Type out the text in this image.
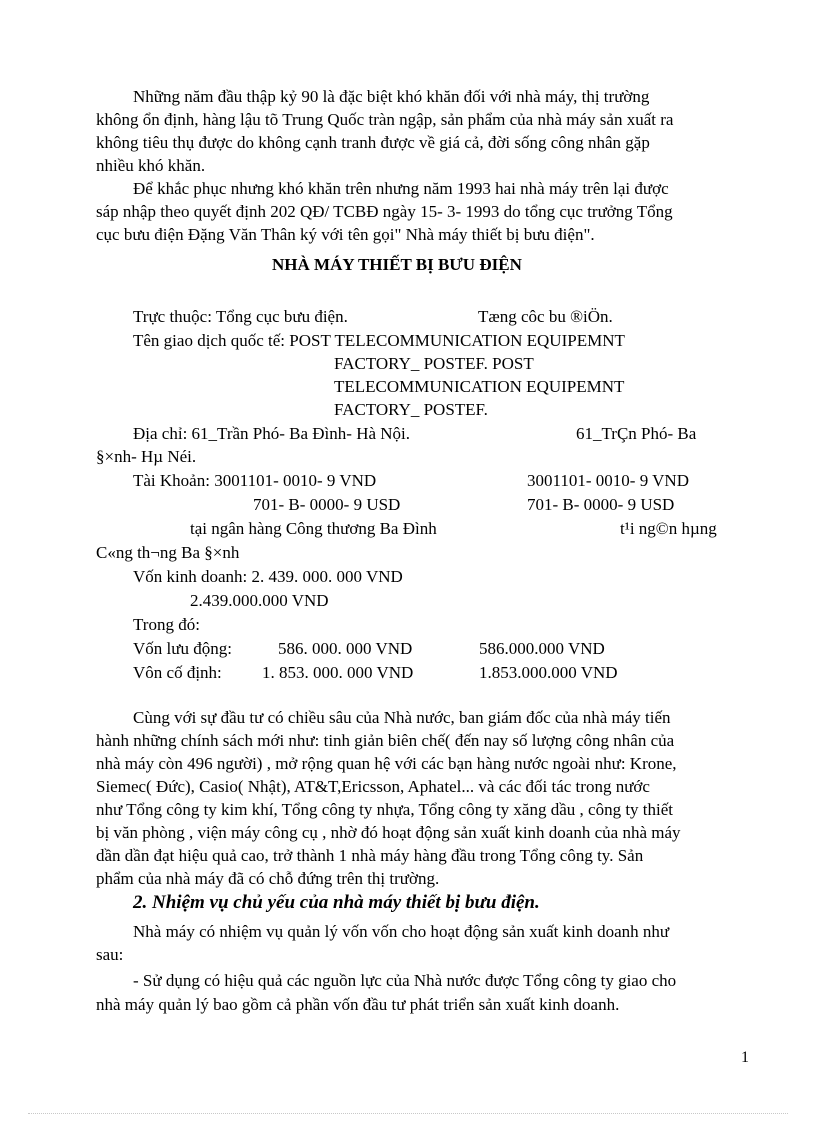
Những năm đầu thập kỷ 90 là đặc biệt khó khăn đối với nhà máy, thị trường
không ổn định, hàng lậu tõ Trung Quốc tràn ngập, sản phẩm của nhà máy sản xuất ra
không tiêu thụ được do không cạnh tranh được về giá cả, đời sống công nhân gặp
nhiều khó khăn.
Để khắc phục nhưng khó khăn trên nhưng năm 1993 hai nhà máy trên lại được
sáp nhập theo quyết định 202 QĐ/ TCBĐ ngày 15- 3- 1993 do tổng cục trưởng Tổng
cục bưu điện Đặng Văn Thân ký với tên gọi" Nhà máy thiết bị bưu điện".
NHÀ MÁY THIẾT BỊ BƯU ĐIỆN
Trực thuộc: Tổng cục bưu điện.	Tæng côc bu ®iÖn.
Tên giao dịch quốc tế: POST TELECOMMUNICATION EQUIPEMNT
FACTORY_ POSTEF. POST
TELECOMMUNICATION EQUIPEMNT
FACTORY_ POSTEF.
Địa chỉ: 61_Trần Phó- Ba Đình- Hà Nội.	61_TrÇn Phó- Ba
§×nh- Hµ Néi.
Tài Khoản: 3001101- 0010- 9 VND	3001101- 0010- 9 VND
701- B- 0000- 9 USD	701- B- 0000- 9 USD
tại ngân hàng Công thương Ba Đình	t¹i ng©n hµng
C«ng th¬ng Ba §×nh
Vốn kinh doanh: 2. 439. 000. 000 VND
2.439.000.000 VND
Trong đó:
Vốn lưu động:	586. 000. 000 VND	586.000.000 VND
Vôn cố định: 1. 853. 000. 000 VND	1.853.000.000 VND
Cùng với sự đầu tư có chiều sâu của Nhà nước, ban giám đốc của nhà máy tiến
hành những chính sách mới như: tinh giản biên chế( đến nay số lượng công nhân của
nhà máy còn 496 người) , mở rộng quan hệ với các bạn hàng nước ngoài như: Krone,
Siemec( Đức), Casio( Nhật), AT&T,Ericsson, Aphatel... và các đối tác trong nước
như Tổng công ty kim khí, Tổng công ty nhựa, Tổng công ty xăng dầu , công ty thiết
bị văn phòng , viện máy công cụ , nhờ đó hoạt động sản xuất kinh doanh của nhà máy
dần dần đạt hiệu quả cao, trở thành 1 nhà máy hàng đầu trong Tổng công ty. Sản
phẩm của nhà máy đã có chỗ đứng trên thị trường.
2. Nhiệm vụ chủ yếu của nhà máy thiết bị bưu điện.
Nhà máy có nhiệm vụ quản lý vốn vốn cho hoạt động sản xuất kinh doanh như
sau:
- Sử dụng có hiệu quả các nguồn lực của Nhà nước được Tổng công ty giao cho
nhà máy quản lý bao gồm cả phần vốn đầu tư phát triển sản xuất kinh doanh.
1
